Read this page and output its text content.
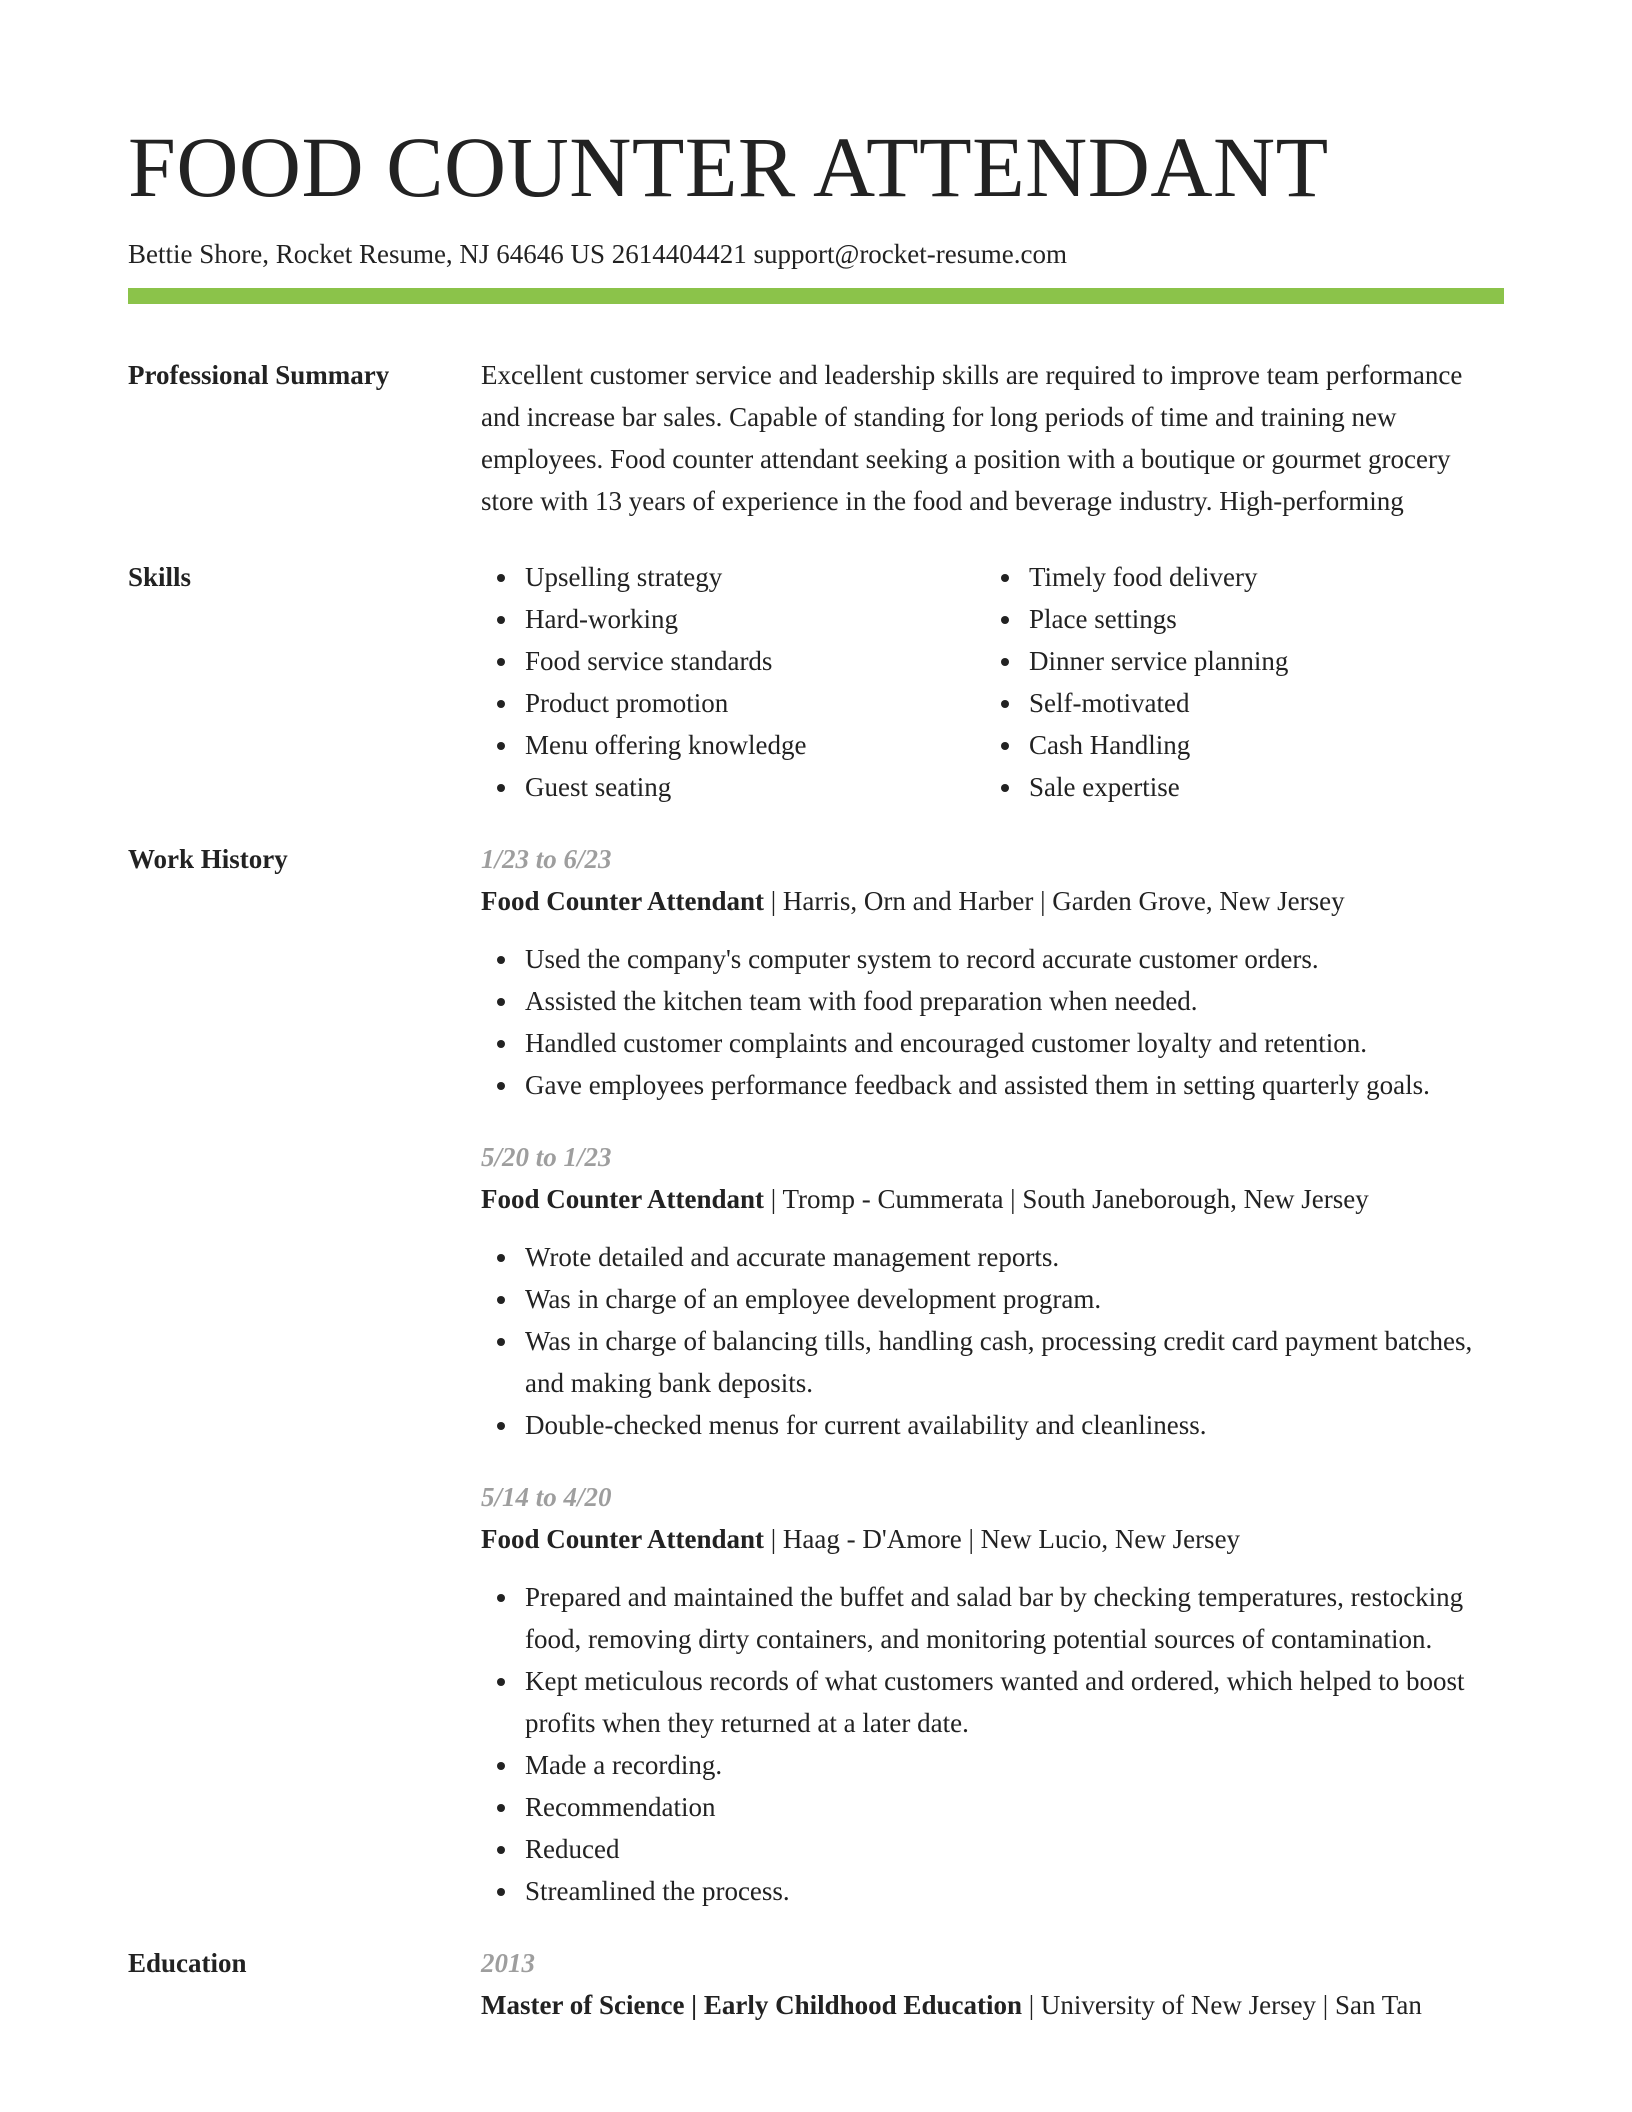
FOOD COUNTER ATTENDANT
Bettie Shore, Rocket Resume, NJ 64646 US 2614404421 support@rocket-resume.com
Professional Summary	Excellent customer service and leadership skills are required to improve team performance and increase bar sales. Capable of standing for long periods of time and training new employees. Food counter attendant seeking a position with a boutique or gourmet grocery store with 13 years of experience in the food and beverage industry. High-performing
Skills	Upselling strategy
Hard-working
Food service standards
Product promotion
Menu offering knowledge
Guest seating
Timely food delivery
Place settings
Dinner service planning
Self-motivated
Cash Handling
Sale expertise
Work History	1/23 to 6/23
Food Counter Attendant | Harris, Orn and Harber | Garden Grove, New Jersey
Used the company's computer system to record accurate customer orders.
Assisted the kitchen team with food preparation when needed.
Handled customer complaints and encouraged customer loyalty and retention.
Gave employees performance feedback and assisted them in setting quarterly goals.
5/20 to 1/23
Food Counter Attendant | Tromp - Cummerata | South Janeborough, New Jersey
Wrote detailed and accurate management reports.
Was in charge of an employee development program.
Was in charge of balancing tills, handling cash, processing credit card payment batches, and making bank deposits.
Double-checked menus for current availability and cleanliness.
5/14 to 4/20
Food Counter Attendant | Haag - D'Amore | New Lucio, New Jersey
Prepared and maintained the buffet and salad bar by checking temperatures, restocking food, removing dirty containers, and monitoring potential sources of contamination.
Kept meticulous records of what customers wanted and ordered, which helped to boost profits when they returned at a later date.
Made a recording.
Recommendation
Reduced
Streamlined the process.
Education	2013
Master of Science | Early Childhood Education | University of New Jersey | San Tan
